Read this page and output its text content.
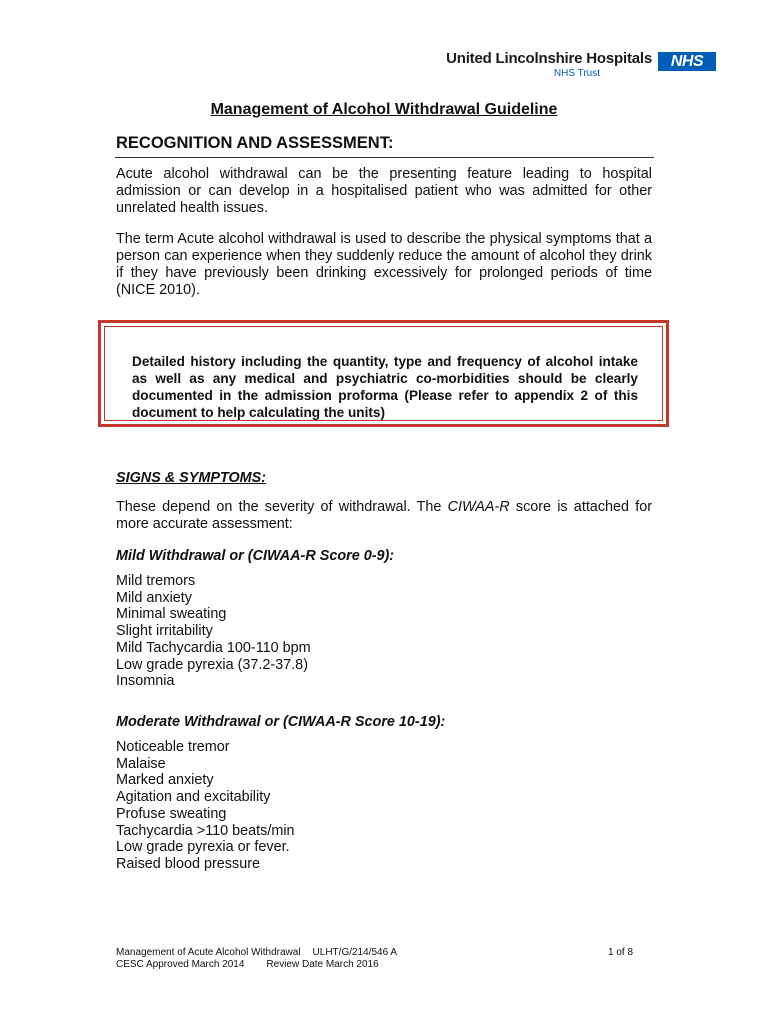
United Lincolnshire Hospitals
NHS Trust
NHS
Management of Alcohol Withdrawal Guideline
RECOGNITION AND ASSESSMENT:
Acute alcohol withdrawal can be the presenting feature leading to hospital admission or can develop in a hospitalised patient who was admitted for other unrelated health issues.
The term Acute alcohol withdrawal is used to describe the physical symptoms that a person can experience when they suddenly reduce the amount of alcohol they drink if they have previously been drinking excessively for prolonged periods of time (NICE 2010).
Detailed history including the quantity, type and frequency of alcohol intake as well as any medical and psychiatric co-morbidities should be clearly documented in the admission proforma (Please refer to appendix 2 of this document to help calculating the units)
SIGNS & SYMPTOMS:
These depend on the severity of withdrawal. The CIWAA-R score is attached for more accurate assessment:
Mild Withdrawal or (CIWAA-R Score 0-9):
Mild tremors
Mild anxiety
Minimal sweating
Slight irritability
Mild Tachycardia 100-110 bpm
Low grade pyrexia (37.2-37.8)
Insomnia
Moderate Withdrawal or (CIWAA-R Score 10-19):
Noticeable tremor
Malaise
Marked anxiety
Agitation and excitability
Profuse sweating
Tachycardia >110 beats/min
Low grade pyrexia or fever.
Raised blood pressure
Management of Acute Alcohol Withdrawal ULHT/G/214/546 A
CESC Approved March 2014 Review Date March 2016
1 of 8
